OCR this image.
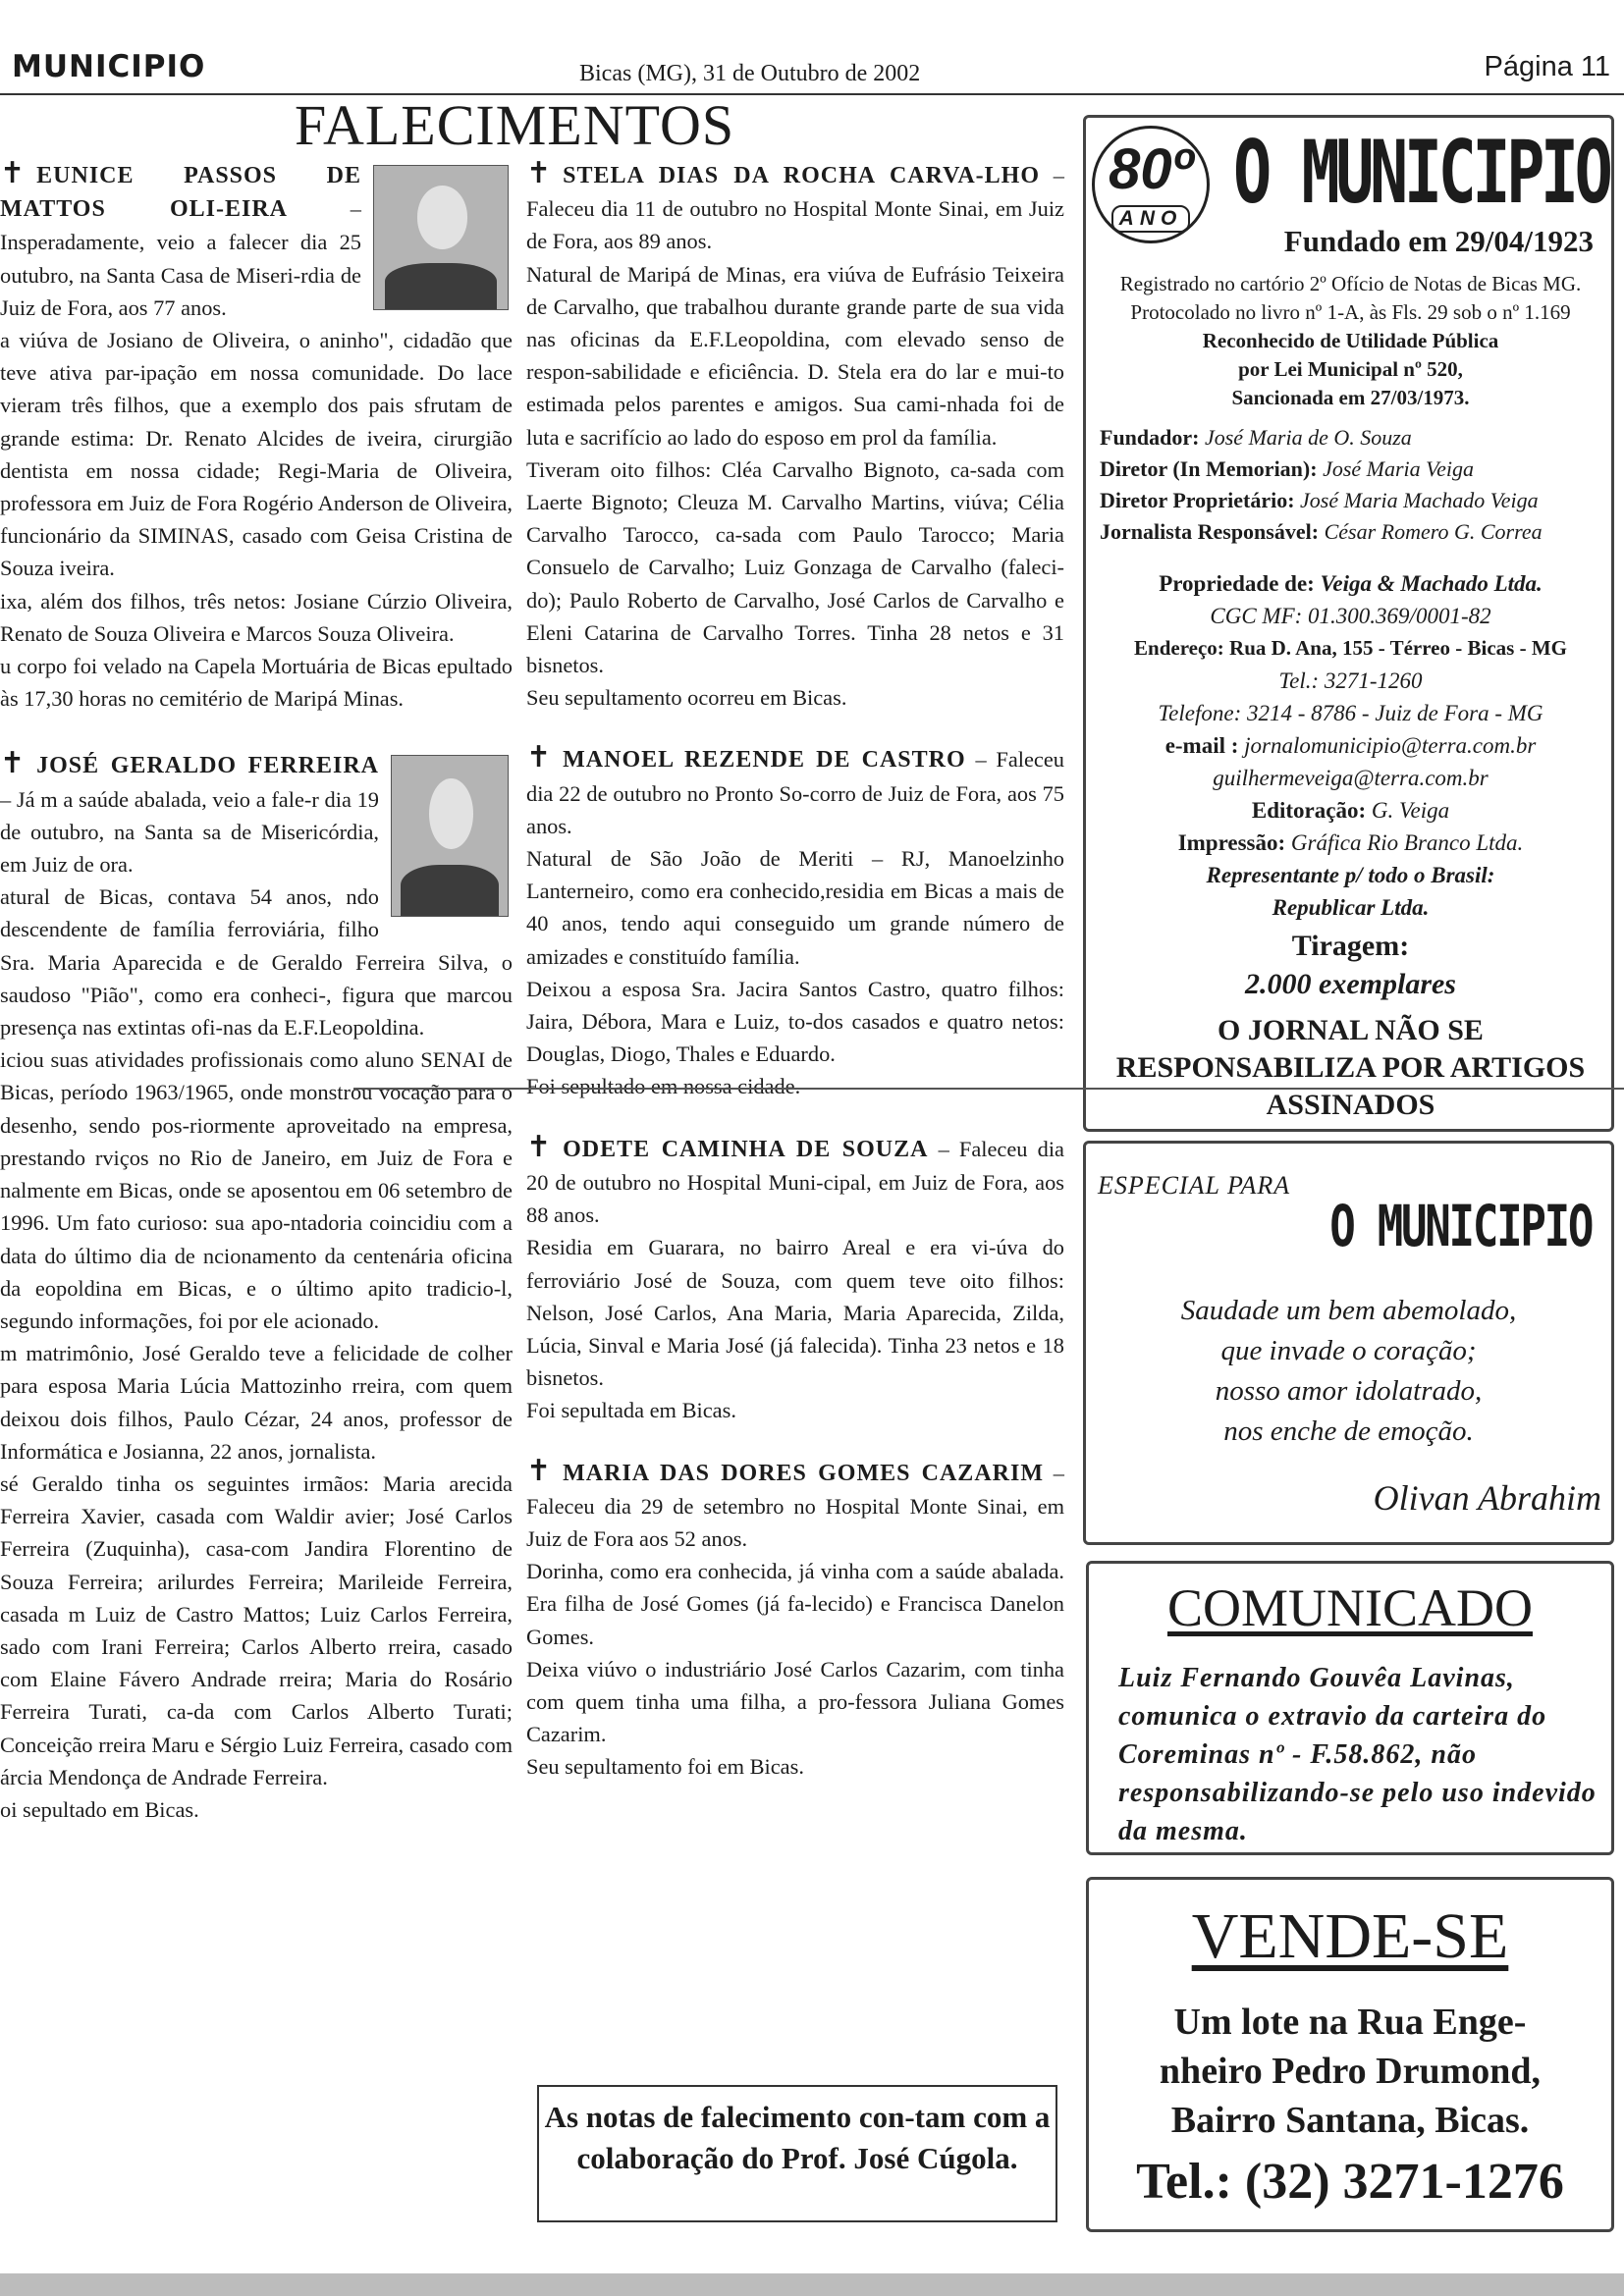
MUNICIPIO	Bicas (MG), 31 de Outubro de 2002	Página 11
FALECIMENTOS

✝ EUNICE PASSOS DE MATTOS OLI-EIRA	– Insperadamente, veio a falecer dia 25 outubro, na Santa Casa de Miseri-rdia de Juiz de Fora, aos 77 anos.

a viúva de Josiano de Oliveira, o aninho", cidadão que teve ativa par-ipação em nossa comunidade. Do lace vieram três filhos, que a exemplo dos pais sfrutam de grande estima: Dr. Renato Alcides de iveira, cirurgião dentista em nossa cidade; Regi-Maria de Oliveira, professora em Juiz de Fora Rogério Anderson de Oliveira, funcionário da SIMINAS, casado com Geisa Cristina de Souza iveira.

ixa, além dos filhos, três netos: Josiane Cúrzio Oliveira, Renato de Souza Oliveira e Marcos Souza Oliveira.

u corpo foi velado na Capela Mortuária de Bicas epultado às 17,30 horas no cemitério de Maripá Minas.

✝ JOSÉ GERALDO FERREIRA – Já m a saúde abalada, veio a fale-r dia 19 de outubro, na Santa sa de Misericórdia, em Juiz de ora.

atural de Bicas, contava 54 anos, ndo descendente de família ferroviária, filho Sra. Maria Aparecida e de Geraldo Ferreira Silva, o saudoso "Pião", como era conheci-, figura que marcou presença nas extintas ofi-nas da E.F.Leopoldina.

iciou suas atividades profissionais como aluno SENAI de Bicas, período 1963/1965, onde monstrou vocação para o desenho, sendo pos-riormente aproveitado na empresa, prestando rviços no Rio de Janeiro, em Juiz de Fora e nalmente em Bicas, onde se aposentou em 06 setembro de 1996. Um fato curioso: sua apo-ntadoria coincidiu com a data do último dia de ncionamento da centenária oficina da eopoldina em Bicas, e o último apito tradicio-l, segundo informações, foi por ele acionado.

m matrimônio, José Geraldo teve a felicidade de colher para esposa Maria Lúcia Mattozinho rreira, com quem deixou dois filhos, Paulo Cézar, 24 anos, professor de Informática e Josianna, 22 anos, jornalista.

sé Geraldo tinha os seguintes irmãos: Maria arecida Ferreira Xavier, casada com Waldir avier; José Carlos Ferreira (Zuquinha), casa-com Jandira Florentino de Souza Ferreira; arilurdes Ferreira; Marileide Ferreira, casada m Luiz de Castro Mattos; Luiz Carlos Ferreira, sado com Irani Ferreira; Carlos Alberto rreira, casado com Elaine Fávero Andrade rreira; Maria do Rosário Ferreira Turati, ca-da com Carlos Alberto Turati; Conceição rreira Maru e Sérgio Luiz Ferreira, casado com árcia Mendonça de Andrade Ferreira.

oi sepultado em Bicas.

✝ STELA DIAS DA ROCHA CARVA-LHO – Faleceu dia 11 de outubro no Hospital Monte Sinai, em Juiz de Fora, aos 89 anos.

Natural de Maripá de Minas, era viúva de Eufrásio Teixeira de Carvalho, que trabalhou durante grande parte de sua vida nas oficinas da E.F.Leopoldina, com elevado senso de respon-sabilidade e eficiência. D. Stela era do lar e mui-to estimada pelos parentes e amigos. Sua cami-nhada foi de luta e sacrifício ao lado do esposo em prol da família.

Tiveram oito filhos: Cléa Carvalho Bignoto, ca-sada com Laerte Bignoto; Cleuza M. Carvalho Martins, viúva; Célia Carvalho Tarocco, ca-sada com Paulo Tarocco; Maria Consuelo de Carvalho; Luiz Gonzaga de Carvalho (faleci-do); Paulo Roberto de Carvalho, José Carlos de Carvalho e Eleni Catarina de Carvalho Torres. Tinha 28 netos e 31 bisnetos.

Seu sepultamento ocorreu em Bicas.

✝ MANOEL REZENDE DE CASTRO – Faleceu dia 22 de outubro no Pronto So-corro de Juiz de Fora, aos 75 anos.

Natural de São João de Meriti – RJ, Manoelzinho Lanterneiro, como era conhecido,residia em Bicas a mais de 40 anos, tendo aqui conseguido um grande número de amizades e constituído família.

Deixou a esposa Sra. Jacira Santos Castro, quatro filhos: Jaira, Débora, Mara e Luiz, to-dos casados e quatro netos: Douglas, Diogo, Thales e Eduardo.

Foi sepultado em nossa cidade.

✝ ODETE CAMINHA DE SOUZA – Faleceu dia 20 de outubro no Hospital Muni-cipal, em Juiz de Fora, aos 88 anos.

Residia em Guarara, no bairro Areal e era vi-úva do ferroviário José de Souza, com quem teve oito filhos: Nelson, José Carlos, Ana Maria, Maria Aparecida, Zilda, Lúcia, Sinval e Maria José (já falecida). Tinha 23 netos e 18 bisnetos.

Foi sepultada em Bicas.

✝ MARIA DAS DORES GOMES CAZARIM – Faleceu dia 29 de setembro no Hospital Monte Sinai, em Juiz de Fora aos 52 anos.

Dorinha, como era conhecida, já vinha com a saúde abalada. Era filha de José Gomes (já fa-lecido) e Francisca Danelon Gomes.

Deixa viúvo o industriário José Carlos Cazarim, com tinha com quem tinha uma filha, a pro-fessora Juliana Gomes Cazarim.

Seu sepultamento foi em Bicas.

As notas de falecimento con-tam com a colaboração do Prof. José Cúgola.
80º
ANO O MUNICIPIO
Fundado em 29/04/1923
Registrado no cartório 2º Ofício de Notas de Bicas MG.
Protocolado no livro nº 1-A, às Fls. 29 sob o nº 1.169
Reconhecido de Utilidade Pública
por Lei Municipal nº 520,
Sancionada em 27/03/1973.
Fundador: José Maria de O. Souza
Diretor (In Memorian): José Maria Veiga
Diretor Proprietário: José Maria Machado Veiga
Jornalista Responsável: César Romero G. Correa
Propriedade de: Veiga & Machado Ltda.
CGC MF: 01.300.369/0001-82
Endereço: Rua D. Ana, 155 - Térreo - Bicas - MG
Tel.: 3271-1260
Telefone: 3214 - 8786 - Juiz de Fora - MG
e-mail : jornalomunicipio@terra.com.br
guilhermeveiga@terra.com.br
Editoração: G. Veiga
Impressão: Gráfica Rio Branco Ltda.
Representante p/ todo o Brasil:
Republicar Ltda.
Tiragem:
2.000 exemplares
O JORNAL NÃO SE RESPONSABILIZA POR ARTIGOS ASSINADOS
ESPECIAL PARA
O MUNICIPIO
Saudade um bem abemolado,
que invade o coração;
nosso amor idolatrado,
nos enche de emoção.
Olivan Abrahim
COMUNICADO
Luiz Fernando Gouvêa Lavinas, comunica o extravio da carteira do Coreminas nº - F.58.862, não responsabilizando-se pelo uso indevido da mesma.
VENDE-SE
Um lote na Rua Enge-
nheiro Pedro Drumond,
Bairro Santana, Bicas.
Tel.: (32) 3271-1276
